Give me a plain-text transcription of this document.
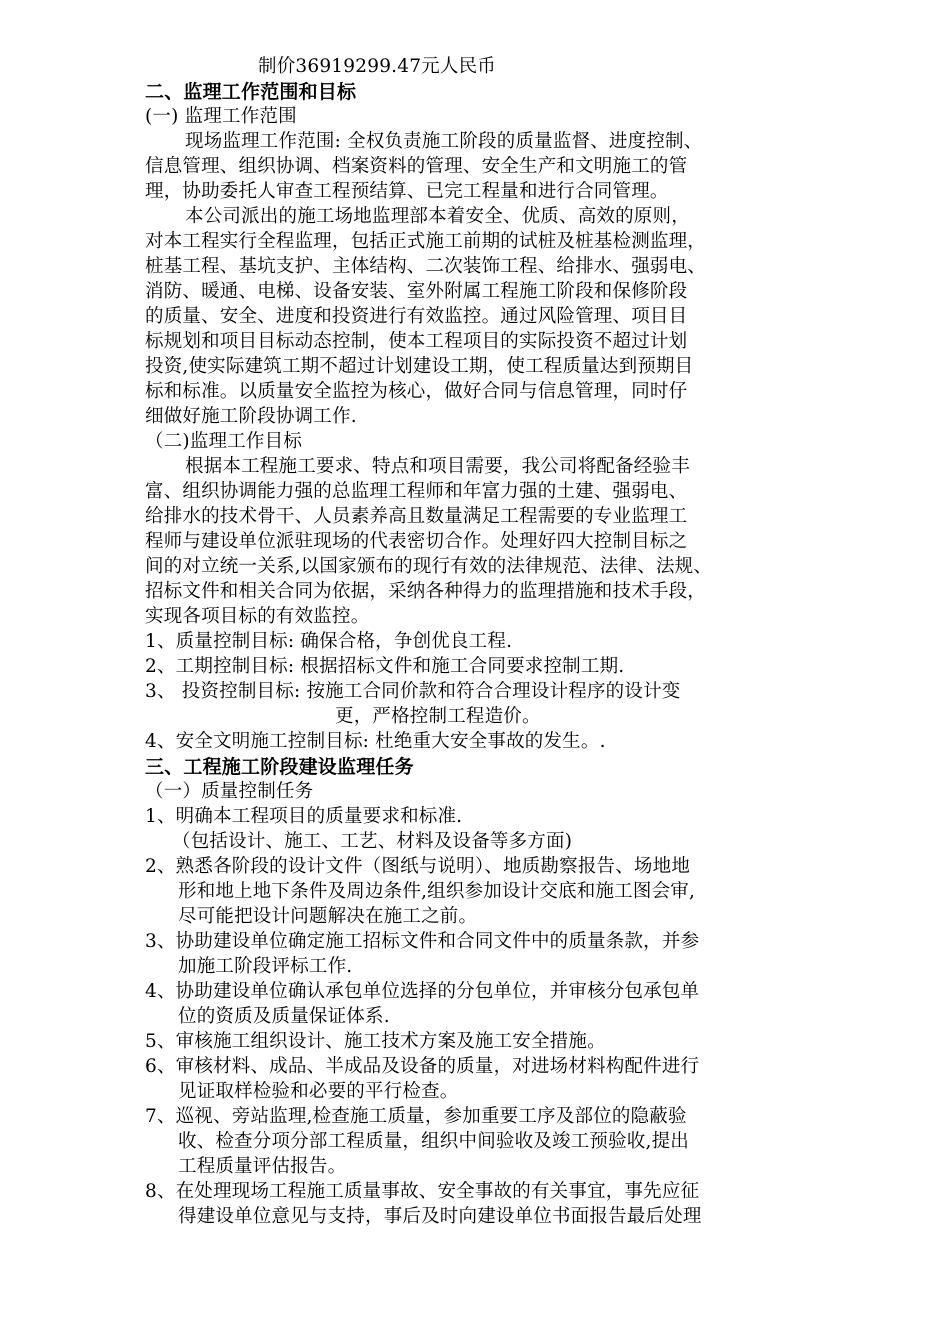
制价36919299.47元人民币
二、监理工作范围和目标
(一) 监理工作范围
现场监理工作范围: 全权负责施工阶段的质量监督、进度控制、
信息管理、组织协调、档案资料的管理、安全生产和文明施工的管
理，协助委托人审查工程预结算、已完工程量和进行合同管理。
本公司派出的施工场地监理部本着安全、优质、高效的原则，
对本工程实行全程监理，包括正式施工前期的试桩及桩基检测监理，
桩基工程、基坑支护、主体结构、二次装饰工程、给排水、强弱电、
消防、暖通、电梯、设备安装、室外附属工程施工阶段和保修阶段
的质量、安全、进度和投资进行有效监控。通过风险管理、项目目
标规划和项目目标动态控制，使本工程项目的实际投资不超过计划
投资,使实际建筑工期不超过计划建设工期，使工程质量达到预期目
标和标准。以质量安全监控为核心，做好合同与信息管理，同时仔
细做好施工阶段协调工作.
（二)监理工作目标
根据本工程施工要求、特点和项目需要，我公司将配备经验丰
富、组织协调能力强的总监理工程师和年富力强的土建、强弱电、
给排水的技术骨干、人员素养高且数量满足工程需要的专业监理工
程师与建设单位派驻现场的代表密切合作。处理好四大控制目标之
间的对立统一关系,以国家颁布的现行有效的法律规范、法律、法规、
招标文件和相关合同为依据，采纳各种得力的监理措施和技术手段，
实现各项目标的有效监控。
1、质量控制目标: 确保合格，争创优良工程.
2、工期控制目标: 根据招标文件和施工合同要求控制工期.
3、 投资控制目标: 按施工合同价款和符合合理设计程序的设计变
更，严格控制工程造价。
4、安全文明施工控制目标: 杜绝重大安全事故的发生。.
三、工程施工阶段建设监理任务
（一）质量控制任务
1、明确本工程项目的质量要求和标准.
（包括设计、施工、工艺、材料及设备等多方面)
2、熟悉各阶段的设计文件（图纸与说明）、地质勘察报告、场地地
形和地上地下条件及周边条件,组织参加设计交底和施工图会审,
尽可能把设计问题解决在施工之前。
3、协助建设单位确定施工招标文件和合同文件中的质量条款，并参
加施工阶段评标工作.
4、协助建设单位确认承包单位选择的分包单位，并审核分包承包单
位的资质及质量保证体系.
5、审核施工组织设计、施工技术方案及施工安全措施。
6、审核材料、成品、半成品及设备的质量，对进场材料构配件进行
见证取样检验和必要的平行检查。
7、巡视、旁站监理,检查施工质量，参加重要工序及部位的隐蔽验
收、检查分项分部工程质量，组织中间验收及竣工预验收,提出
工程质量评估报告。
8、在处理现场工程施工质量事故、安全事故的有关事宜，事先应征
得建设单位意见与支持，事后及时向建设单位书面报告最后处理
